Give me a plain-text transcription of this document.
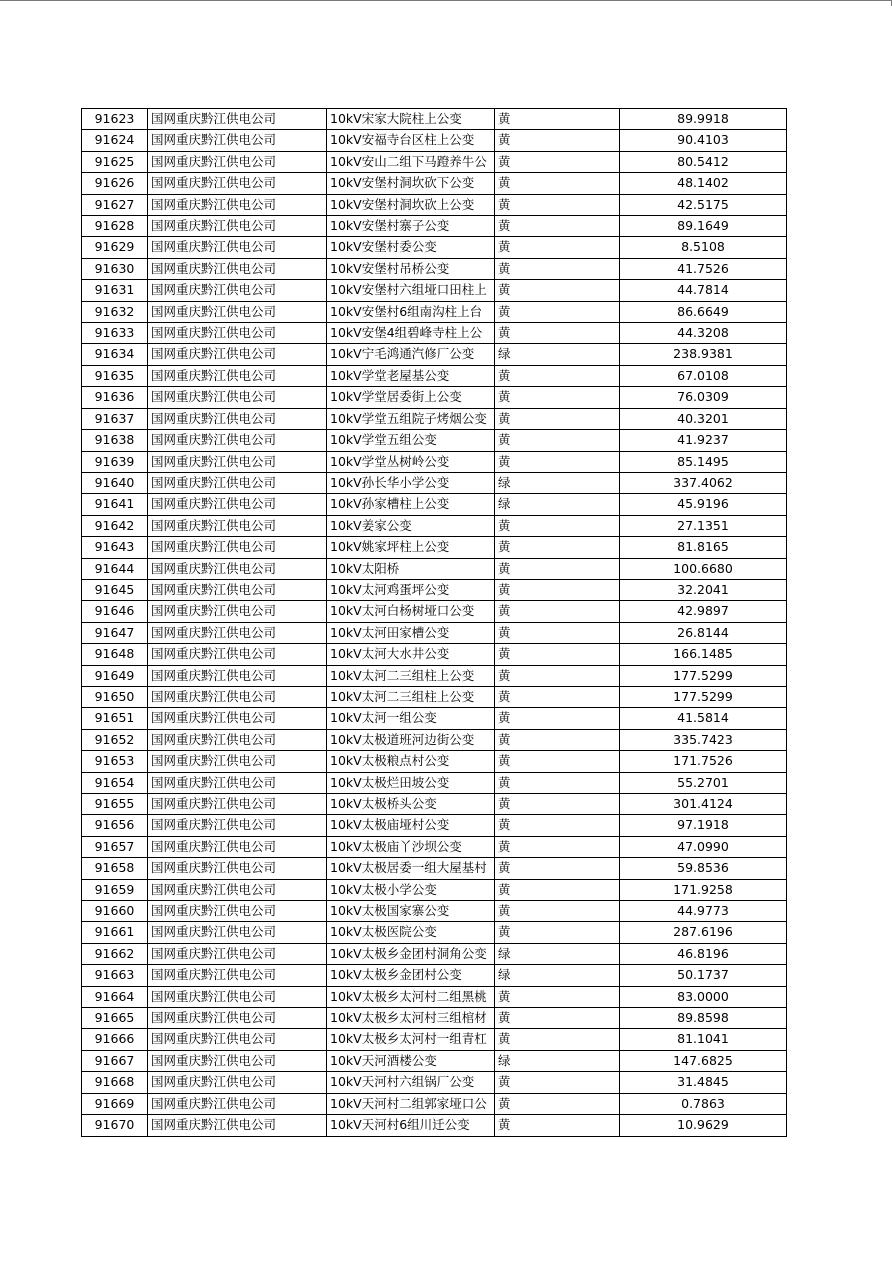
91623	国网重庆黔江供电公司	10kV宋家大院柱上公变	黄	89.9918
91624	国网重庆黔江供电公司	10kV安福寺台区柱上公变	黄	90.4103
91625	国网重庆黔江供电公司	10kV安山二组下马蹬养牛公	黄	80.5412
91626	国网重庆黔江供电公司	10kV安堡村洞坎砍下公变	黄	48.1402
91627	国网重庆黔江供电公司	10kV安堡村洞坎砍上公变	黄	42.5175
91628	国网重庆黔江供电公司	10kV安堡村寨子公变	黄	89.1649
91629	国网重庆黔江供电公司	10kV安堡村委公变	黄	8.5108
91630	国网重庆黔江供电公司	10kV安堡村吊桥公变	黄	41.7526
91631	国网重庆黔江供电公司	10kV安堡村六组垭口田柱上	黄	44.7814
91632	国网重庆黔江供电公司	10kV安堡村6组南沟柱上台	黄	86.6649
91633	国网重庆黔江供电公司	10kV安堡4组碧峰寺柱上公	黄	44.3208
91634	国网重庆黔江供电公司	10kV宁毛鸿通汽修厂公变	绿	238.9381
91635	国网重庆黔江供电公司	10kV学堂老屋基公变	黄	67.0108
91636	国网重庆黔江供电公司	10kV学堂居委街上公变	黄	76.0309
91637	国网重庆黔江供电公司	10kV学堂五组院子烤烟公变	黄	40.3201
91638	国网重庆黔江供电公司	10kV学堂五组公变	黄	41.9237
91639	国网重庆黔江供电公司	10kV学堂丛树岭公变	黄	85.1495
91640	国网重庆黔江供电公司	10kV孙长华小学公变	绿	337.4062
91641	国网重庆黔江供电公司	10kV孙家槽柱上公变	绿	45.9196
91642	国网重庆黔江供电公司	10kV姜家公变	黄	27.1351
91643	国网重庆黔江供电公司	10kV姚家坪柱上公变	黄	81.8165
91644	国网重庆黔江供电公司	10kV太阳桥	黄	100.6680
91645	国网重庆黔江供电公司	10kV太河鸡蛋坪公变	黄	32.2041
91646	国网重庆黔江供电公司	10kV太河白杨树垭口公变	黄	42.9897
91647	国网重庆黔江供电公司	10kV太河田家槽公变	黄	26.8144
91648	国网重庆黔江供电公司	10kV太河大水井公变	黄	166.1485
91649	国网重庆黔江供电公司	10kV太河二三组柱上公变	黄	177.5299
91650	国网重庆黔江供电公司	10kV太河二三组柱上公变	黄	177.5299
91651	国网重庆黔江供电公司	10kV太河一组公变	黄	41.5814
91652	国网重庆黔江供电公司	10kV太极道班河边街公变	黄	335.7423
91653	国网重庆黔江供电公司	10kV太极粮点村公变	黄	171.7526
91654	国网重庆黔江供电公司	10kV太极烂田坡公变	黄	55.2701
91655	国网重庆黔江供电公司	10kV太极桥头公变	黄	301.4124
91656	国网重庆黔江供电公司	10kV太极庙垭村公变	黄	97.1918
91657	国网重庆黔江供电公司	10kV太极庙丫沙坝公变	黄	47.0990
91658	国网重庆黔江供电公司	10kV太极居委一组大屋基村	黄	59.8536
91659	国网重庆黔江供电公司	10kV太极小学公变	黄	171.9258
91660	国网重庆黔江供电公司	10kV太极国家寨公变	黄	44.9773
91661	国网重庆黔江供电公司	10kV太极医院公变	黄	287.6196
91662	国网重庆黔江供电公司	10kV太极乡金团村洞角公变	绿	46.8196
91663	国网重庆黔江供电公司	10kV太极乡金团村公变	绿	50.1737
91664	国网重庆黔江供电公司	10kV太极乡太河村二组黑桃	黄	83.0000
91665	国网重庆黔江供电公司	10kV太极乡太河村三组棺材	黄	89.8598
91666	国网重庆黔江供电公司	10kV太极乡太河村一组青杠	黄	81.1041
91667	国网重庆黔江供电公司	10kV天河酒楼公变	绿	147.6825
91668	国网重庆黔江供电公司	10kV天河村六组锅厂公变	黄	31.4845
91669	国网重庆黔江供电公司	10kV天河村二组郭家垭口公	黄	0.7863
91670	国网重庆黔江供电公司	10kV天河村6组川迁公变	黄	10.9629
